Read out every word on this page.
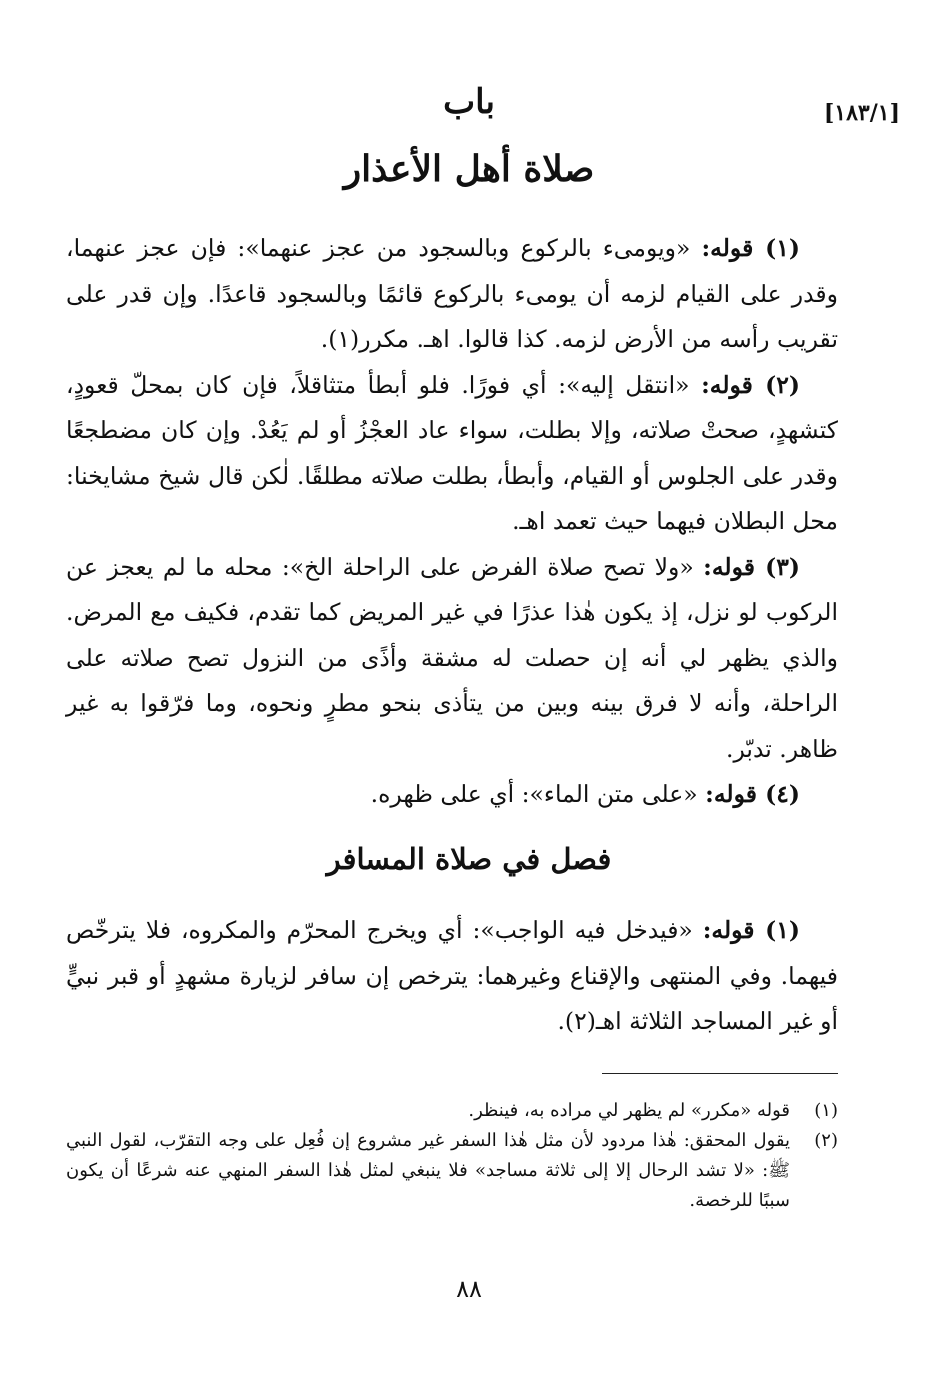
[١٨٣/١]
باب
صلاة أهل الأعذار

(١) قوله: «ويومىء بالركوع وبالسجود من عجز عنهما»: فإن عجز عنهما، وقدر على القيام لزمه أن يومىء بالركوع قائمًا وبالسجود قاعدًا. وإن قدر على تقريب رأسه من الأرض لزمه. كذا قالوا. اهـ. مكرر(١).

(٢) قوله: «انتقل إليه»: أي فورًا. فلو أبطأ متثاقلاً، فإن كان بمحلّ قعودٍ، كتشهدٍ، صحتْ صلاته، وإلا بطلت، سواء عاد العجْزُ أو لم يَعُدْ. وإن كان مضطجعًا وقدر على الجلوس أو القيام، وأبطأ، بطلت صلاته مطلقًا. لٰكن قال شيخ مشايخنا: محل البطلان فيهما حيث تعمد اهـ.

(٣) قوله: «ولا تصح صلاة الفرض على الراحلة الخ»: محله ما لم يعجز عن الركوب لو نزل، إذ يكون هٰذا عذرًا في غير المريض كما تقدم، فكيف مع المرض. والذي يظهر لي أنه إن حصلت له مشقة وأذًى من النزول تصح صلاته على الراحلة، وأنه لا فرق بينه وبين من يتأذى بنحو مطرٍ ونحوه، وما فرّقوا به غير ظاهر. تدبّر.

(٤) قوله: «على متن الماء»: أي على ظهره.

فصل في صلاة المسافر

(١) قوله: «فيدخل فيه الواجب»: أي ويخرج المحرّم والمكروه، فلا يترخّص فيهما. وفي المنتهى والإقناع وغيرهما: يترخص إن سافر لزيارة مشهدٍ أو قبر نبيٍّ أو غير المساجد الثلاثة اهـ(٢).

(١)
قوله «مكرر» لم يظهر لي مراده به، فينظر.
(٢)
يقول المحقق: هٰذا مردود لأن مثل هٰذا السفر غير مشروع إن فُعِل على وجه التقرّب، لقول النبي ﷺ: «لا تشد الرحال إلا إلى ثلاثة مساجد» فلا ينبغي لمثل هٰذا السفر المنهي عنه شرعًا أن يكون سببًا للرخصة.
٨٨
